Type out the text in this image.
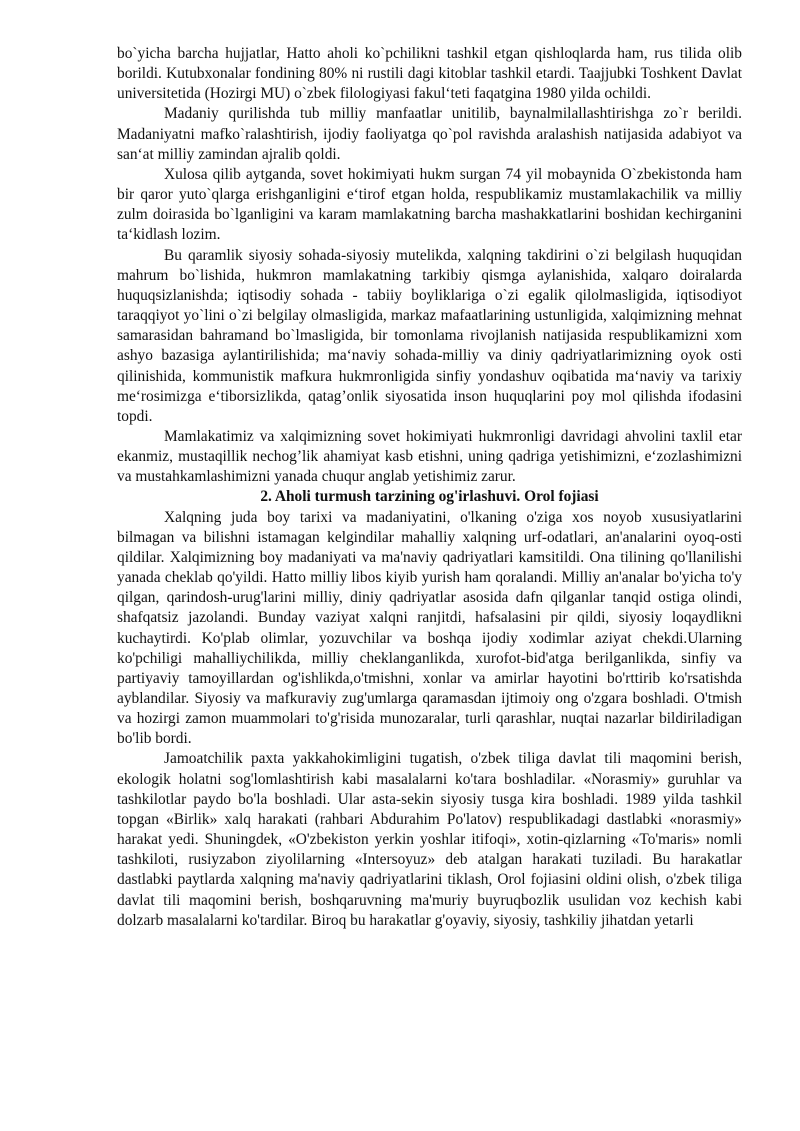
bo`yicha barcha hujjatlar, Hatto aholi ko`pchilikni tashkil etgan qishloqlarda ham, rus tilida olib borildi. Kutubxonalar fondining 80% ni rustili dagi kitoblar tashkil etardi. Taajjubki Toshkent Davlat universitetida (Hozirgi MU) o`zbek filologiyasi fakul‘teti faqatgina 1980 yilda ochildi.

Madaniy qurilishda tub milliy manfaatlar unitilib, baynalmilallashtirishga zo`r berildi. Madaniyatni mafko`ralashtirish, ijodiy faoliyatga qo`pol ravishda aralashish natijasida adabiyot va san‘at milliy zamindan ajralib qoldi.

Xulosa qilib aytganda, sovet hokimiyati hukm surgan 74 yil mobaynida O`zbekistonda ham bir qaror yuto`qlarga erishganligini e‘tirof etgan holda, respublikamiz mustamlakachilik va milliy zulm doirasida bo`lganligini va karam mamlakatning barcha mashakkatlarini boshidan kechirganini ta‘kidlash lozim.

Bu qaramlik siyosiy sohada-siyosiy mutelikda, xalqning takdirini o`zi belgilash huquqidan mahrum bo`lishida, hukmron mamlakatning tarkibiy qismga aylanishida, xalqaro doiralarda huquqsizlanishda; iqtisodiy sohada - tabiiy boyliklariga o`zi egalik qilolmasligida, iqtisodiyot taraqqiyot yo`lini o`zi belgilay olmasligida, markaz mafaatlarining ustunligida, xalqimizning mehnat samarasidan bahramand bo`lmasligida, bir tomonlama rivojlanish natijasida respublikamizni xom ashyo bazasiga aylantirilishida; ma‘naviy sohada-milliy va diniy qadriyatlarimizning oyok osti qilinishida, kommunistik mafkura hukmronligida sinfiy yondashuv oqibatida ma‘naviy va tarixiy me‘rosimizga e‘tiborsizlikda, qatag’onlik siyosatida inson huquqlarini poy mol qilishda ifodasini topdi.

Mamlakatimiz va xalqimizning sovet hokimiyati hukmronligi davridagi ahvolini taxlil etar ekanmiz, mustaqillik nechog’lik ahamiyat kasb etishni, uning qadriga yetishimizni, e‘zozlashimizni va mustahkamlashimizni yanada chuqur anglab yetishimiz zarur.

2. Aholi turmush tarzining og'irlashuvi. Orol fojiasi

Xalqning juda boy tarixi va madaniyatini, o'lkaning o'ziga xos noyob xususiyatlarini bilmagan va bilishni istamagan kelgindilar mahalliy xalqning urf-odatlari, an'analarini oyoq-osti qildilar. Xalqimizning boy madaniyati va ma'naviy qadriyatlari kamsitildi. Ona tilining qo'llanilishi yanada cheklab qo'yildi. Hatto milliy libos kiyib yurish ham qoralandi. Milliy an'analar bo'yicha to'y qilgan, qarindosh-urug'larini milliy, diniy qadriyatlar asosida dafn qilganlar tanqid ostiga olindi, shafqatsiz jazolandi. Bunday vaziyat xalqni ranjitdi, hafsalasini pir qildi, siyosiy loqaydlikni kuchaytirdi. Ko'plab olimlar, yozuvchilar va boshqa ijodiy xodimlar aziyat chekdi.Ularning ko'pchiligi mahalliychilikda, milliy cheklanganlikda, xurofot-bid'atga berilganlikda, sinfiy va partiyaviy tamoyillardan og'ishlikda,o'tmishni, xonlar va amirlar hayotini bo'rttirib ko'rsatishda ayblandilar. Siyosiy va mafkuraviy zug'umlarga qaramasdan ijtimoiy ong o'zgara boshladi. O'tmish va hozirgi zamon muammolari to'g'risida munozaralar, turli qarashlar, nuqtai nazarlar bildiriladigan bo'lib bordi.

Jamoatchilik paxta yakkahokimligini tugatish, o'zbek tiliga davlat tili maqomini berish, ekologik holatni sog'lomlashtirish kabi masalalarni ko'tara boshladilar. «Norasmiy» guruhlar va tashkilotlar paydo bo'la boshladi. Ular asta-sekin siyosiy tusga kira boshladi. 1989 yilda tashkil topgan «Birlik» xalq harakati (rahbari Abdurahim Po'latov) respublikadagi dastlabki «norasmiy» harakat yedi. Shuningdek, «O'zbekiston yerkin yoshlar itifoqi», xotin-qizlarning «To'maris» nomli tashkiloti, rusiyzabon ziyolilarning «Intersoyuz» deb atalgan harakati tuziladi. Bu harakatlar dastlabki paytlarda xalqning ma'naviy qadriyatlarini tiklash, Orol fojiasini oldini olish, o'zbek tiliga davlat tili maqomini berish, boshqaruvning ma'muriy buyruqbozlik usulidan voz kechish kabi dolzarb masalalarni ko'tardilar. Biroq bu harakatlar g'oyaviy, siyosiy, tashkiliy jihatdan yetarli
